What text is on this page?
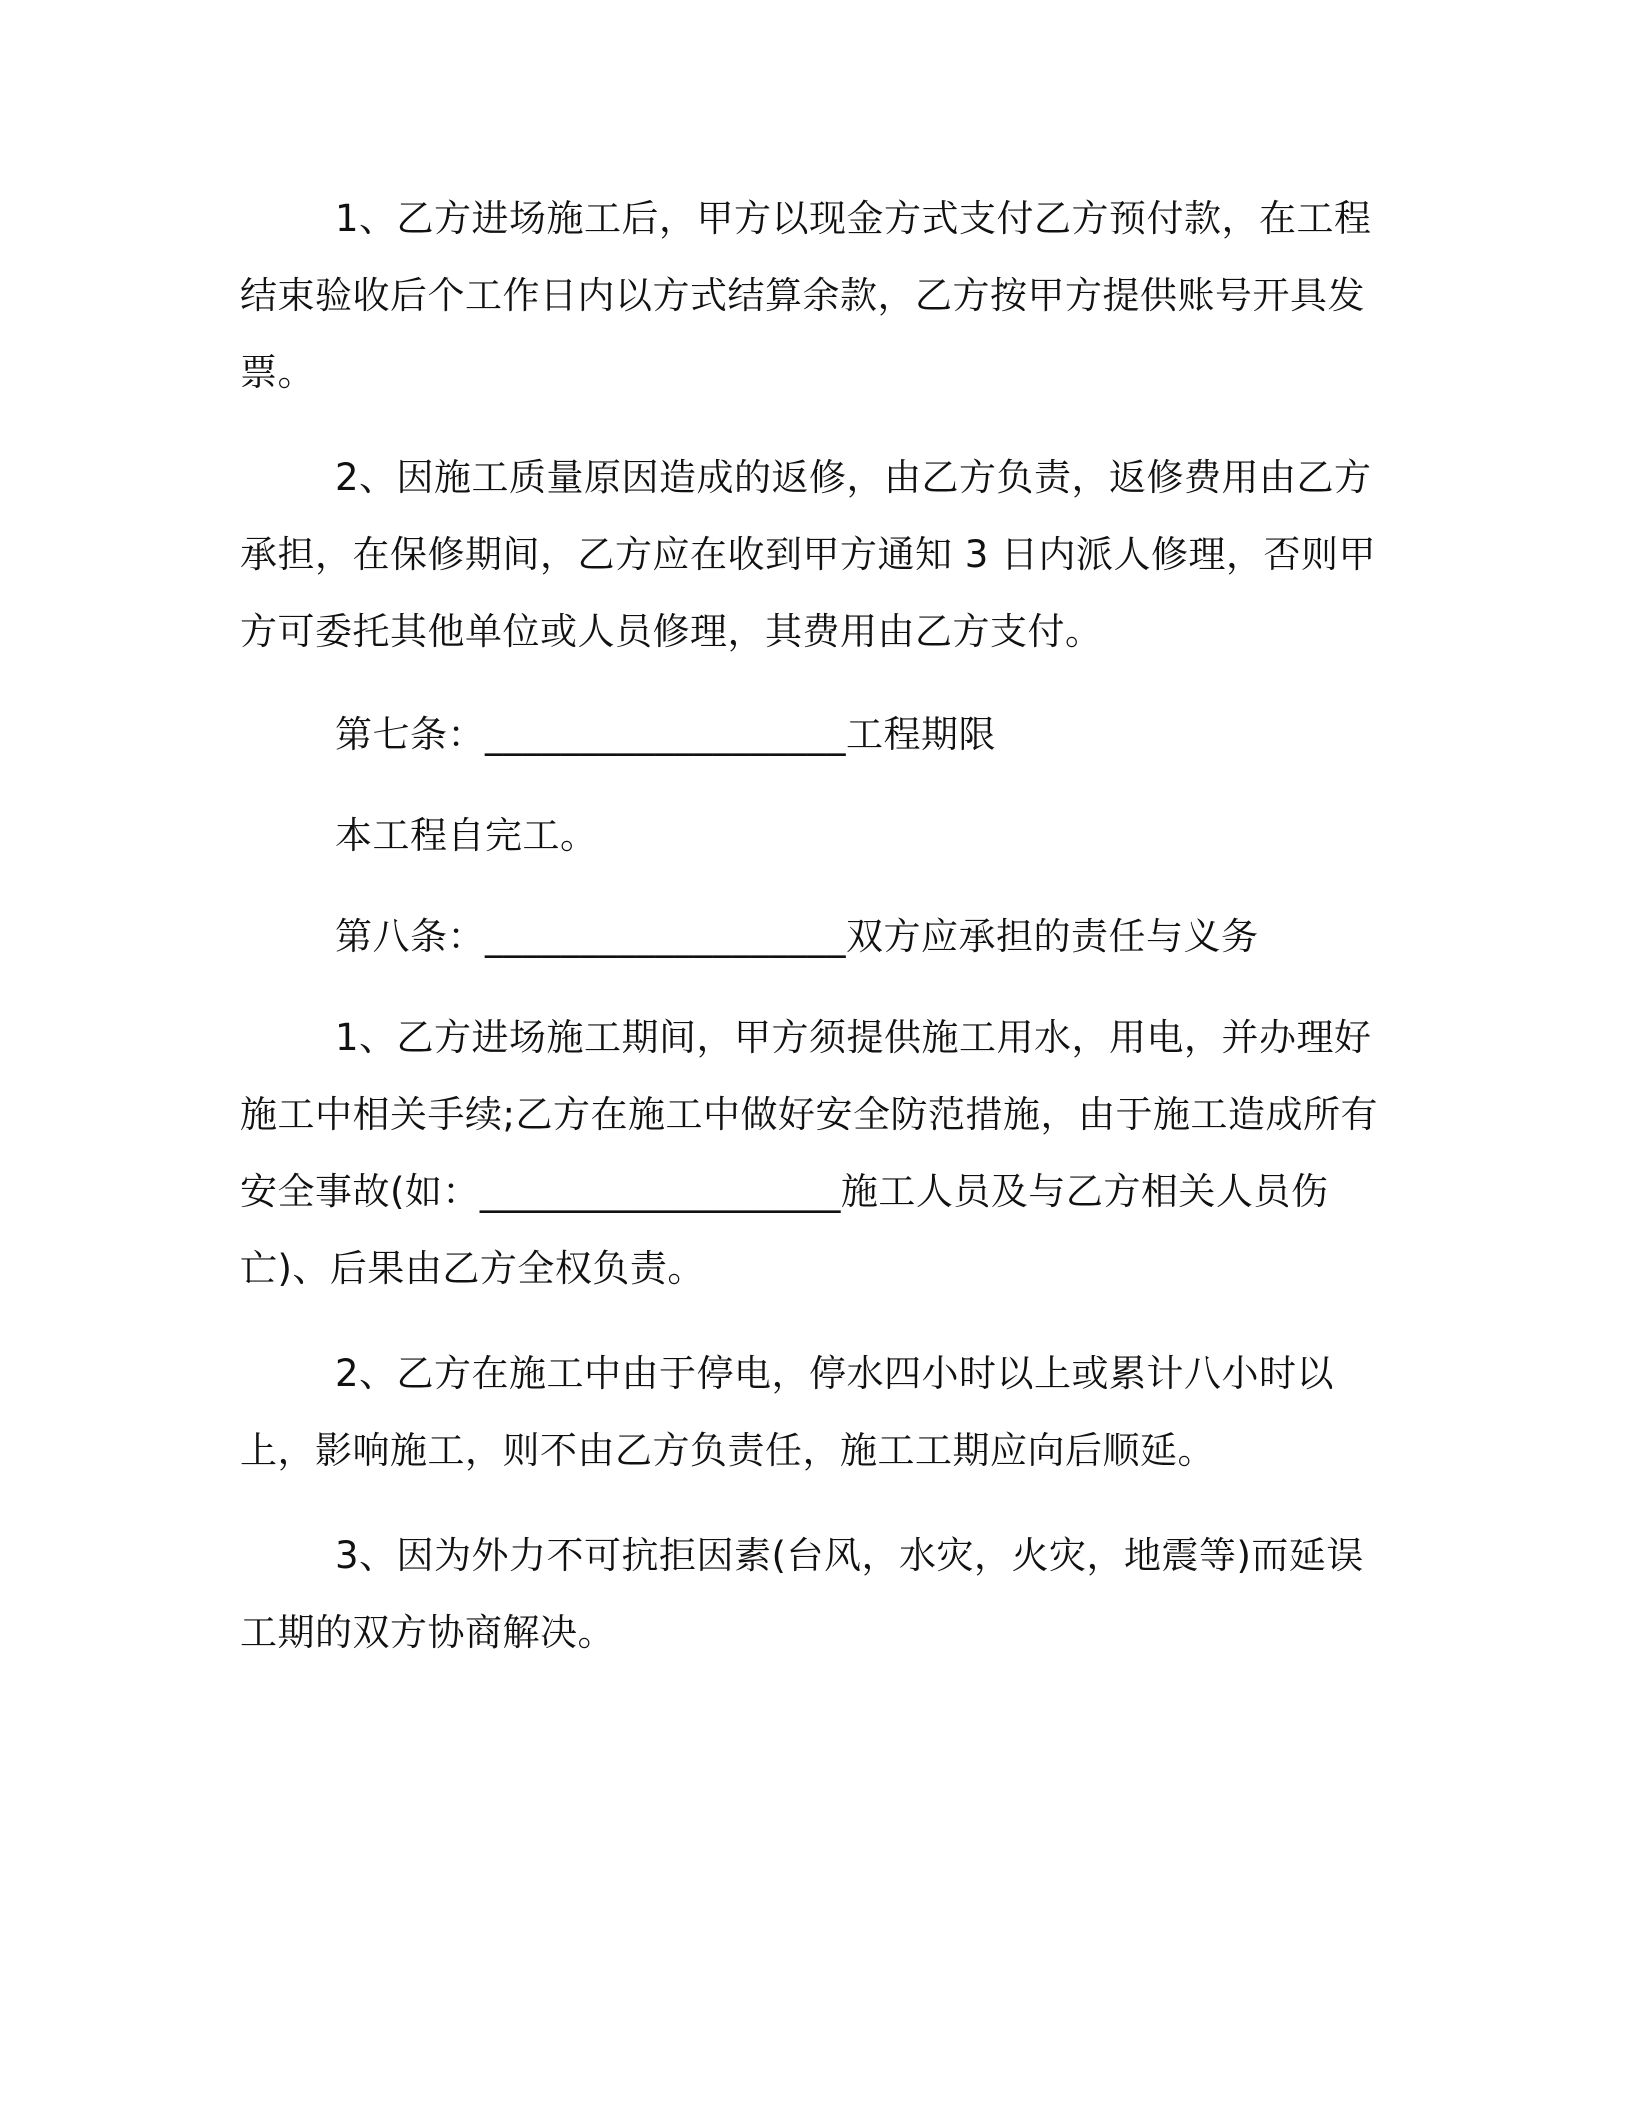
1、乙方进场施工后，甲方以现金方式支付乙方预付款，在工程结束验收后个工作日内以方式结算余款，乙方按甲方提供账号开具发票。

2、因施工质量原因造成的返修，由乙方负责，返修费用由乙方承担，在保修期间，乙方应在收到甲方通知 3 日内派人修理，否则甲方可委托其他单位或人员修理，其费用由乙方支付。

第七条：___________________工程期限

本工程自完工。

第八条：___________________双方应承担的责任与义务

1、乙方进场施工期间，甲方须提供施工用水，用电，并办理好施工中相关手续;乙方在施工中做好安全防范措施，由于施工造成所有安全事故(如：___________________施工人员及与乙方相关人员伤亡)、后果由乙方全权负责。

2、乙方在施工中由于停电，停水四小时以上或累计八小时以上，影响施工，则不由乙方负责任，施工工期应向后顺延。

3、因为外力不可抗拒因素(台风，水灾，火灾，地震等)而延误工期的双方协商解决。
